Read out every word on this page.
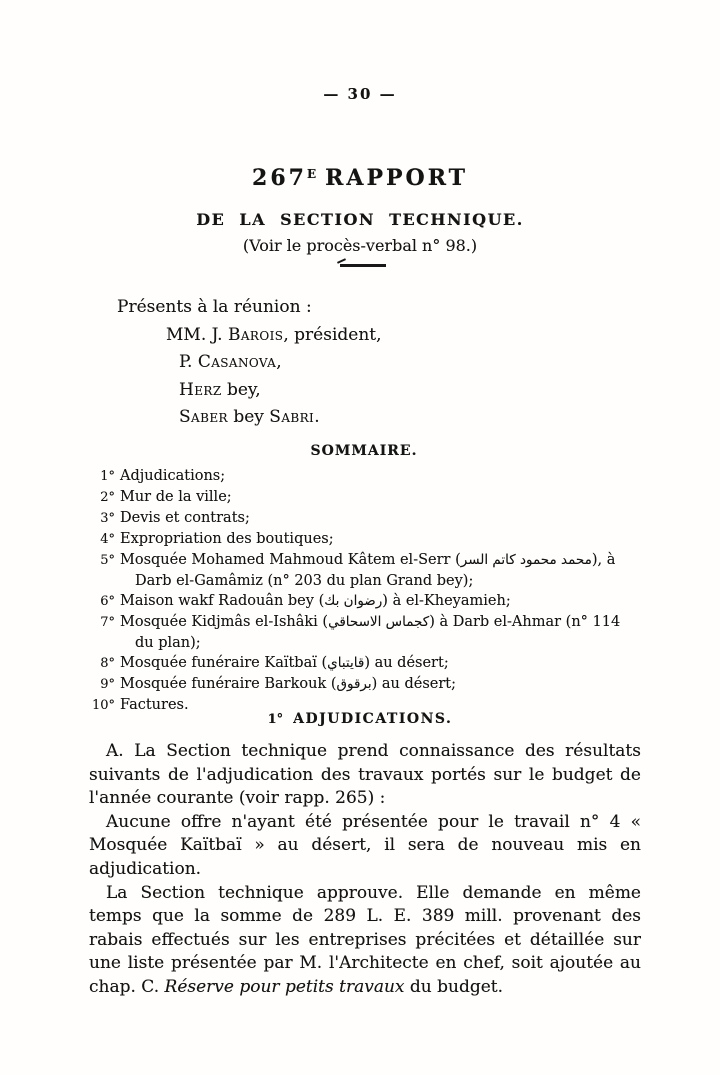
— 30 —
$267^E$ RAPPORT
DE LA SECTION TECHNIQUE.
(Voir le procès-verbal n° 98.)
Présents à la réunion :
MM. J. Barois, président,
P. Casanova,
Herz bey,
Saber bey Sabri.
SOMMAIRE.
1° Adjudications;
2° Mur de la ville;
3° Devis et contrats;
4° Expropriation des boutiques;
5° Mosquée Mohamed Mahmoud Kâtem el-Serr (محمد محمود كاتم السر), à Darb el-Gamâmiz (n° 203 du plan Grand bey);
6° Maison wakf Radouân bey (رضوان بك) à el-Kheyamieh;
7° Mosquée Kidjmâs el-Ishâki (كجماس الاسحاقي) à Darb el-Ahmar (n° 114 du plan);
8° Mosquée funéraire Kaïtbaï (قايتباي) au désert;
9° Mosquée funéraire Barkouk (برقوق) au désert;
10° Factures.
1° ADJUDICATIONS.

A. La Section technique prend connaissance des résultats suivants de l'adjudication des travaux portés sur le budget de l'année courante (voir rapp. 265) :

Aucune offre n'ayant été présentée pour le travail n° 4 « Mosquée Kaïtbaï » au désert, il sera de nouveau mis en adjudication.

La Section technique approuve. Elle demande en même temps que la somme de 289 L. E. 389 mill. provenant des rabais effectués sur les entreprises précitées et détaillée sur une liste présentée par M. l'Architecte en chef, soit ajoutée au chap. C. Réserve pour petits travaux du budget.
